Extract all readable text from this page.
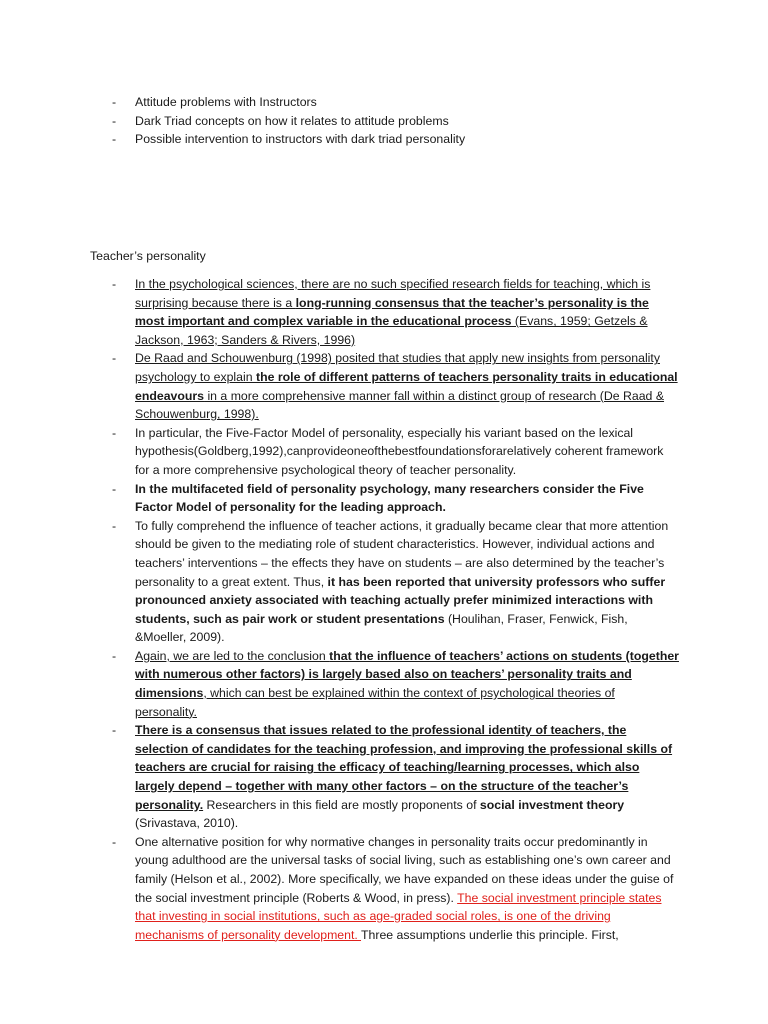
- Attitude problems with Instructors
- Dark Triad concepts on how it relates to attitude problems
- Possible intervention to instructors with dark triad personality
Teacher’s personality
- In the psychological sciences, there are no such specified research fields for teaching, which is surprising because there is a long-running consensus that the teacher’s personality is the most important and complex variable in the educational process (Evans, 1959; Getzels & Jackson, 1963; Sanders & Rivers, 1996)
- De Raad and Schouwenburg (1998) posited that studies that apply new insights from personality psychology to explain the role of different patterns of teachers personality traits in educational endeavours in a more comprehensive manner fall within a distinct group of research (De Raad & Schouwenburg, 1998).
- In particular, the Five-Factor Model of personality, especially his variant based on the lexical hypothesis(Goldberg,1992),canprovideoneofthebestfoundationsforarelatively coherent framework for a more comprehensive psychological theory of teacher personality.
- In the multifaceted field of personality psychology, many researchers consider the Five Factor Model of personality for the leading approach.
- To fully comprehend the influence of teacher actions, it gradually became clear that more attention should be given to the mediating role of student characteristics. However, individual actions and teachers’ interventions – the effects they have on students – are also determined by the teacher’s personality to a great extent. Thus, it has been reported that university professors who suffer pronounced anxiety associated with teaching actually prefer minimized interactions with students, such as pair work or student presentations (Houlihan, Fraser, Fenwick, Fish, &Moeller, 2009).
- Again, we are led to the conclusion that the influence of teachers’ actions on students (together with numerous other factors) is largely based also on teachers’ personality traits and dimensions, which can best be explained within the context of psychological theories of personality.
- There is a consensus that issues related to the professional identity of teachers, the selection of candidates for the teaching profession, and improving the professional skills of teachers are crucial for raising the efficacy of teaching/learning processes, which also largely depend – together with many other factors – on the structure of the teacher’s personality. Researchers in this field are mostly proponents of social investment theory (Srivastava, 2010).
- One alternative position for why normative changes in personality traits occur predominantly in young adulthood are the universal tasks of social living, such as establishing one’s own career and family (Helson et al., 2002). More specifically, we have expanded on these ideas under the guise of the social investment principle (Roberts & Wood, in press). The social investment principle states that investing in social institutions, such as age-graded social roles, is one of the driving mechanisms of personality development. Three assumptions underlie this principle. First,
